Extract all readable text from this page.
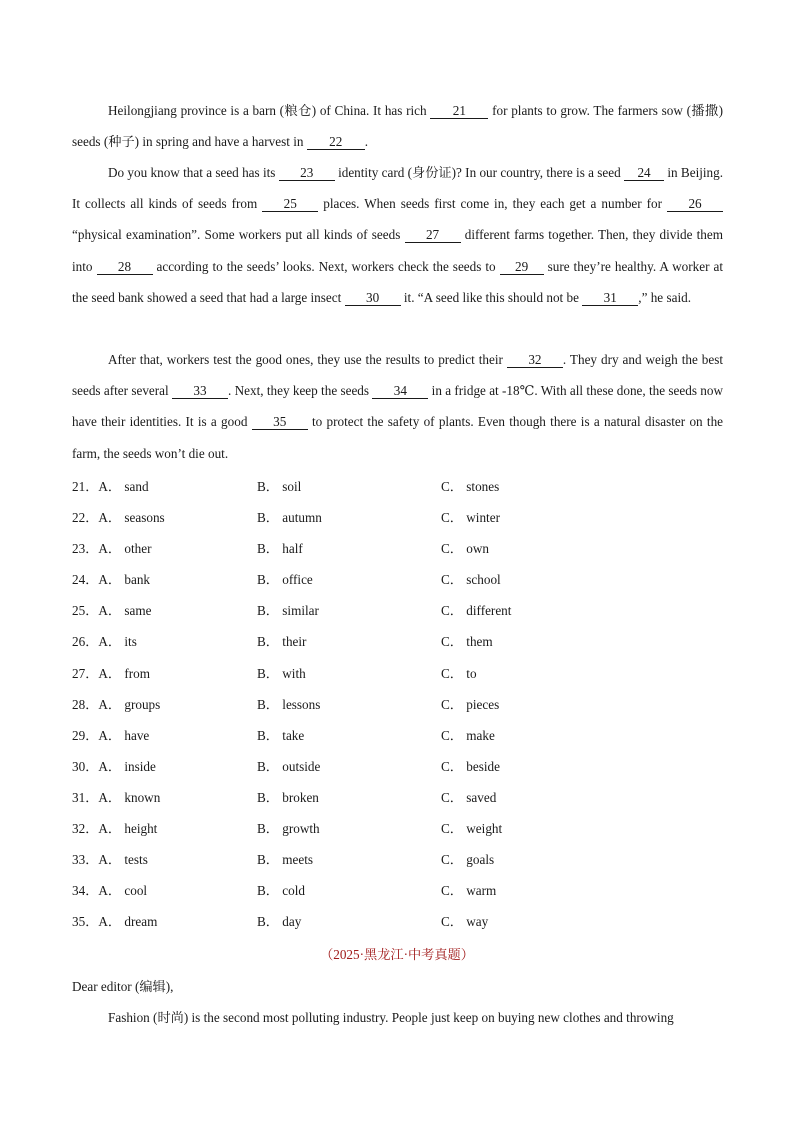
Heilongjiang province is a barn (粮仓) of China. It has rich 21 for plants to grow. The farmers sow (播撒) seeds (种子) in spring and have a harvest in 22 .

Do you know that a seed has its 23 identity card (身份证)? In our country, there is a seed 24 in Beijing. It collects all kinds of seeds from 25 places. When seeds first come in, they each get a number for 26 “physical examination”. Some workers put all kinds of seeds 27 different farms together. Then, they divide them into 28 according to the seeds’ looks. Next, workers check the seeds to 29 sure they’re healthy. A worker at the seed bank showed a seed that had a large insect 30 it. “A seed like this should not be 31 ,” he said.

After that, workers test the good ones, they use the results to predict their 32 . They dry and weigh the best seeds after several 33 . Next, they keep the seeds 34 in a fridge at -18℃. With all these done, the seeds now have their identities. It is a good 35 to protect the safety of plants. Even though there is a natural disaster on the farm, the seeds won’t die out.

21．A． sand	B． soil	C． stones
22．A． seasons	B． autumn	C． winter
23．A． other	B． half	C． own
24．A． bank	B． office	C． school
25．A． same	B． similar	C． different
26．A． its	B． their	C． them
27．A． from	B． with	C． to
28．A． groups	B． lessons	C． pieces
29．A． have	B． take	C． make
30．A． inside	B． outside	C． beside
31．A． known	B． broken	C． saved
32．A． height	B． growth	C． weight
33．A． tests	B． meets	C． goals
34．A． cool	B． cold	C． warm
35．A． dream	B． day	C． way
（2025·黑龙江·中考真题）

Dear editor (编辑),

Fashion (时尚) is the second most polluting industry. People just keep on buying new clothes and throwing
